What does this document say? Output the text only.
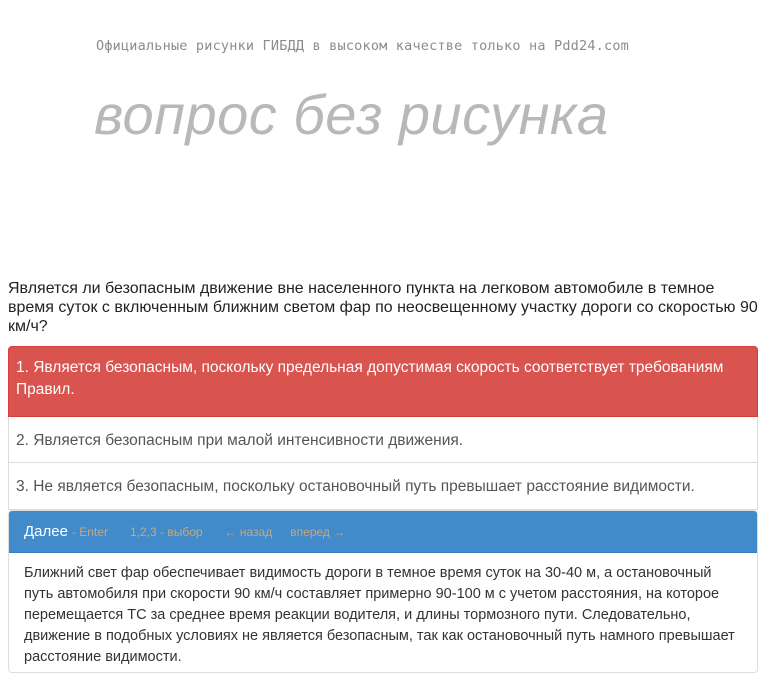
Официальные рисунки ГИБДД в высоком качестве только на Pdd24.com
вопрос без рисунка
Является ли безопасным движение вне населенного пункта на легковом автомобиле в темное время суток с включенным ближним светом фар по неосвещенному участку дороги со скоростью 90 км/ч?
1. Является безопасным, поскольку предельная допустимая скорость соответствует требованиям Правил.
2. Является безопасным при малой интенсивности движения.
3. Не является безопасным, поскольку остановочный путь превышает расстояние видимости.
Далее - Enter 1,2,3 - выбор ← назад вперед →
Ближний свет фар обеспечивает видимость дороги в темное время суток на 30-40 м, а остановочный путь автомобиля при скорости 90 км/ч составляет примерно 90-100 м с учетом расстояния, на которое перемещается ТС за среднее время реакции водителя, и длины тормозного пути. Следовательно, движение в подобных условиях не является безопасным, так как остановочный путь намного превышает расстояние видимости.
